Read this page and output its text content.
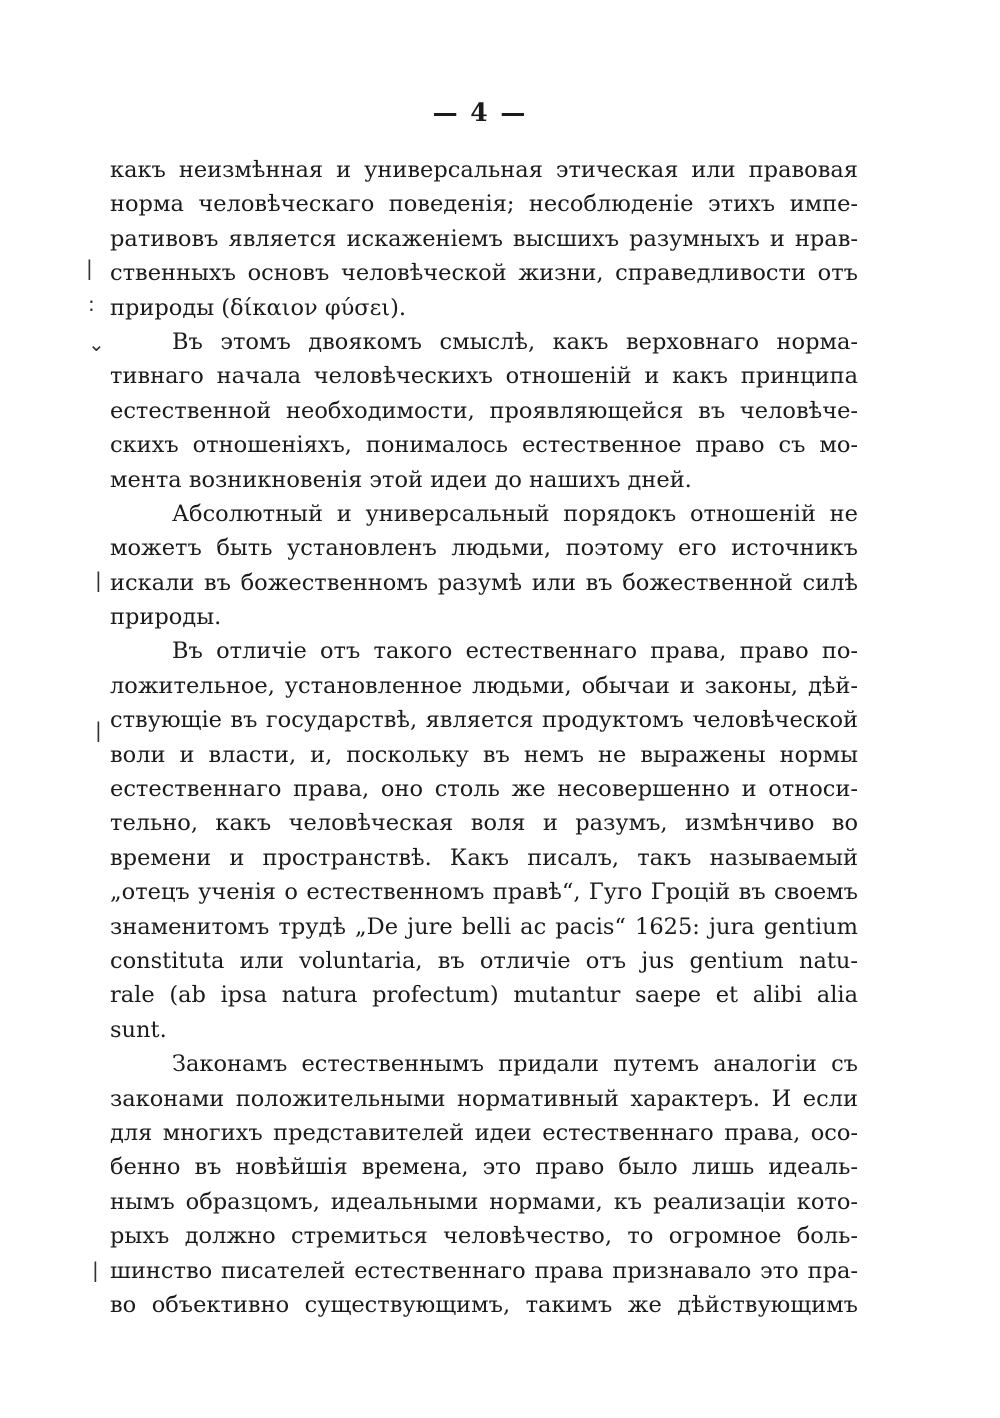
— 4 —
какъ неизмѣнная и универсальная этическая или правовая
норма человѣческаго поведенія; несоблюденіе этихъ импе-
ративовъ является искаженіемъ высшихъ разумныхъ и нрав-
ственныхъ основъ человѣческой жизни, справедливости отъ
природы (δίκαιον φύσει).
Въ этомъ двоякомъ смыслѣ, какъ верховнаго норма-
тивнаго начала человѣческихъ отношеній и какъ принципа
естественной необходимости, проявляющейся въ человѣче-
скихъ отношеніяхъ, понималось естественное право съ мо-
мента возникновенія этой идеи до нашихъ дней.
Абсолютный и универсальный порядокъ отношеній не
можетъ быть установленъ людьми, поэтому его источникъ
искали въ божественномъ разумѣ или въ божественной силѣ
природы.
Въ отличіе отъ такого естественнаго права, право по-
ложительное, установленное людьми, обычаи и законы, дѣй-
ствующіе въ государствѣ, является продуктомъ человѣческой
воли и власти, и, поскольку въ немъ не выражены нормы
естественнаго права, оно столь же несовершенно и относи-
тельно, какъ человѣческая воля и разумъ, измѣнчиво во
времени и пространствѣ. Какъ писалъ, такъ называемый
„отецъ ученія о естественномъ правѣ“, Гуго Гроцій въ своемъ
знаменитомъ трудѣ „De jure belli ac pacis“ 1625: jura gentium
constituta или voluntaria, въ отличіе отъ jus gentium natu-
rale (ab ipsa natura profectum) mutantur saepe et alibi alia
sunt.
Законамъ естественнымъ придали путемъ аналогіи съ
законами положительными нормативный характеръ. И если
для многихъ представителей идеи естественнаго права, осо-
бенно въ новѣйшія времена, это право было лишь идеаль-
нымъ образцомъ, идеальными нормами, къ реализаціи кото-
рыхъ должно стремиться человѣчество, то огромное боль-
шинство писателей естественнаго права признавало это пра-
во объективно существующимъ, такимъ же дѣйствующимъ
|
:
⌄
|
|
|
